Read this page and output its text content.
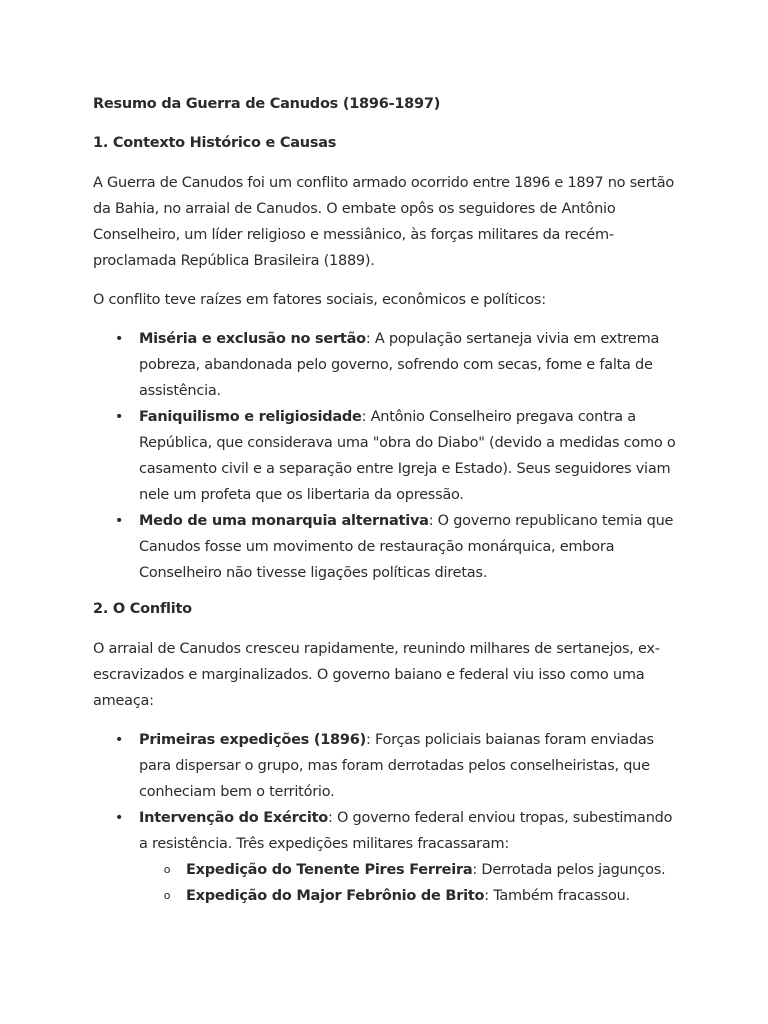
Resumo da Guerra de Canudos (1896-1897)
1. Contexto Histórico e Causas

A Guerra de Canudos foi um conflito armado ocorrido entre 1896 e 1897 no sertão da Bahia, no arraial de Canudos. O embate opôs os seguidores de Antônio Conselheiro, um líder religioso e messiânico, às forças militares da recém-proclamada República Brasileira (1889).

O conflito teve raízes em fatores sociais, econômicos e políticos:

• Miséria e exclusão no sertão: A população sertaneja vivia em extrema pobreza, abandonada pelo governo, sofrendo com secas, fome e falta de assistência.
• Faniquilismo e religiosidade: Antônio Conselheiro pregava contra a República, que considerava uma "obra do Diabo" (devido a medidas como o casamento civil e a separação entre Igreja e Estado). Seus seguidores viam nele um profeta que os libertaria da opressão.
• Medo de uma monarquia alternativa: O governo republicano temia que Canudos fosse um movimento de restauração monárquica, embora Conselheiro não tivesse ligações políticas diretas.
2. O Conflito

O arraial de Canudos cresceu rapidamente, reunindo milhares de sertanejos, ex-escravizados e marginalizados. O governo baiano e federal viu isso como uma ameaça:

• Primeiras expedições (1896): Forças policiais baianas foram enviadas para dispersar o grupo, mas foram derrotadas pelos conselheiristas, que conheciam bem o território.
• Intervenção do Exército: O governo federal enviou tropas, subestimando a resistência. Três expedições militares fracassaram:
o Expedição do Tenente Pires Ferreira: Derrotada pelos jagunços.
o Expedição do Major Febrônio de Brito: Também fracassou.
